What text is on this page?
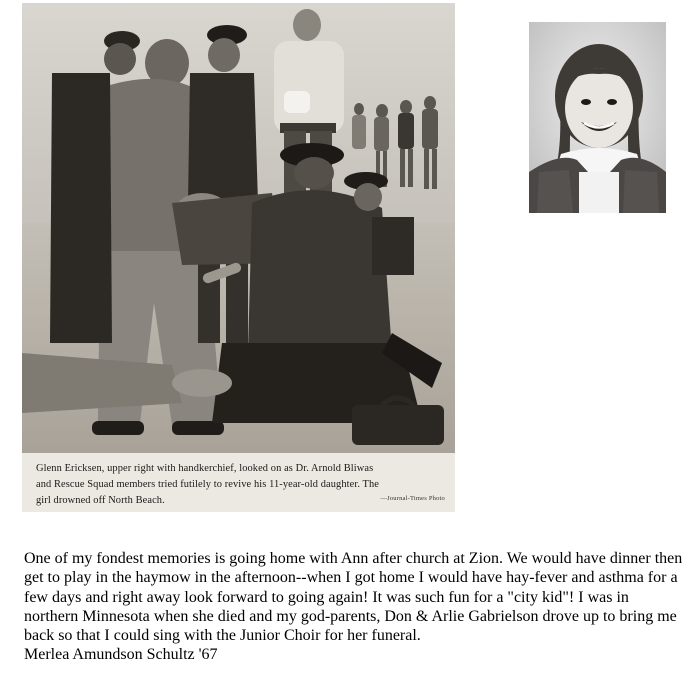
Glenn Ericksen, upper right with handkerchief, looked on as Dr. Arnold Bliwas
and Rescue Squad members tried futilely to revive his 11-year-old daughter. The
girl drowned off North Beach.	—Journal-Times Photo

One of my fondest memories is going home with Ann after church at Zion. We would have dinner then get to play in the haymow in the afternoon--when I got home I would have hay-fever and asthma for a few days and right away look forward to going again! It was such fun for a "city kid"! I was in northern Minnesota when she died and my god-parents, Don & Arlie Gabrielson drove up to bring me back so that I could sing with the Junior Choir for her funeral.

Merlea Amundson Schultz '67
